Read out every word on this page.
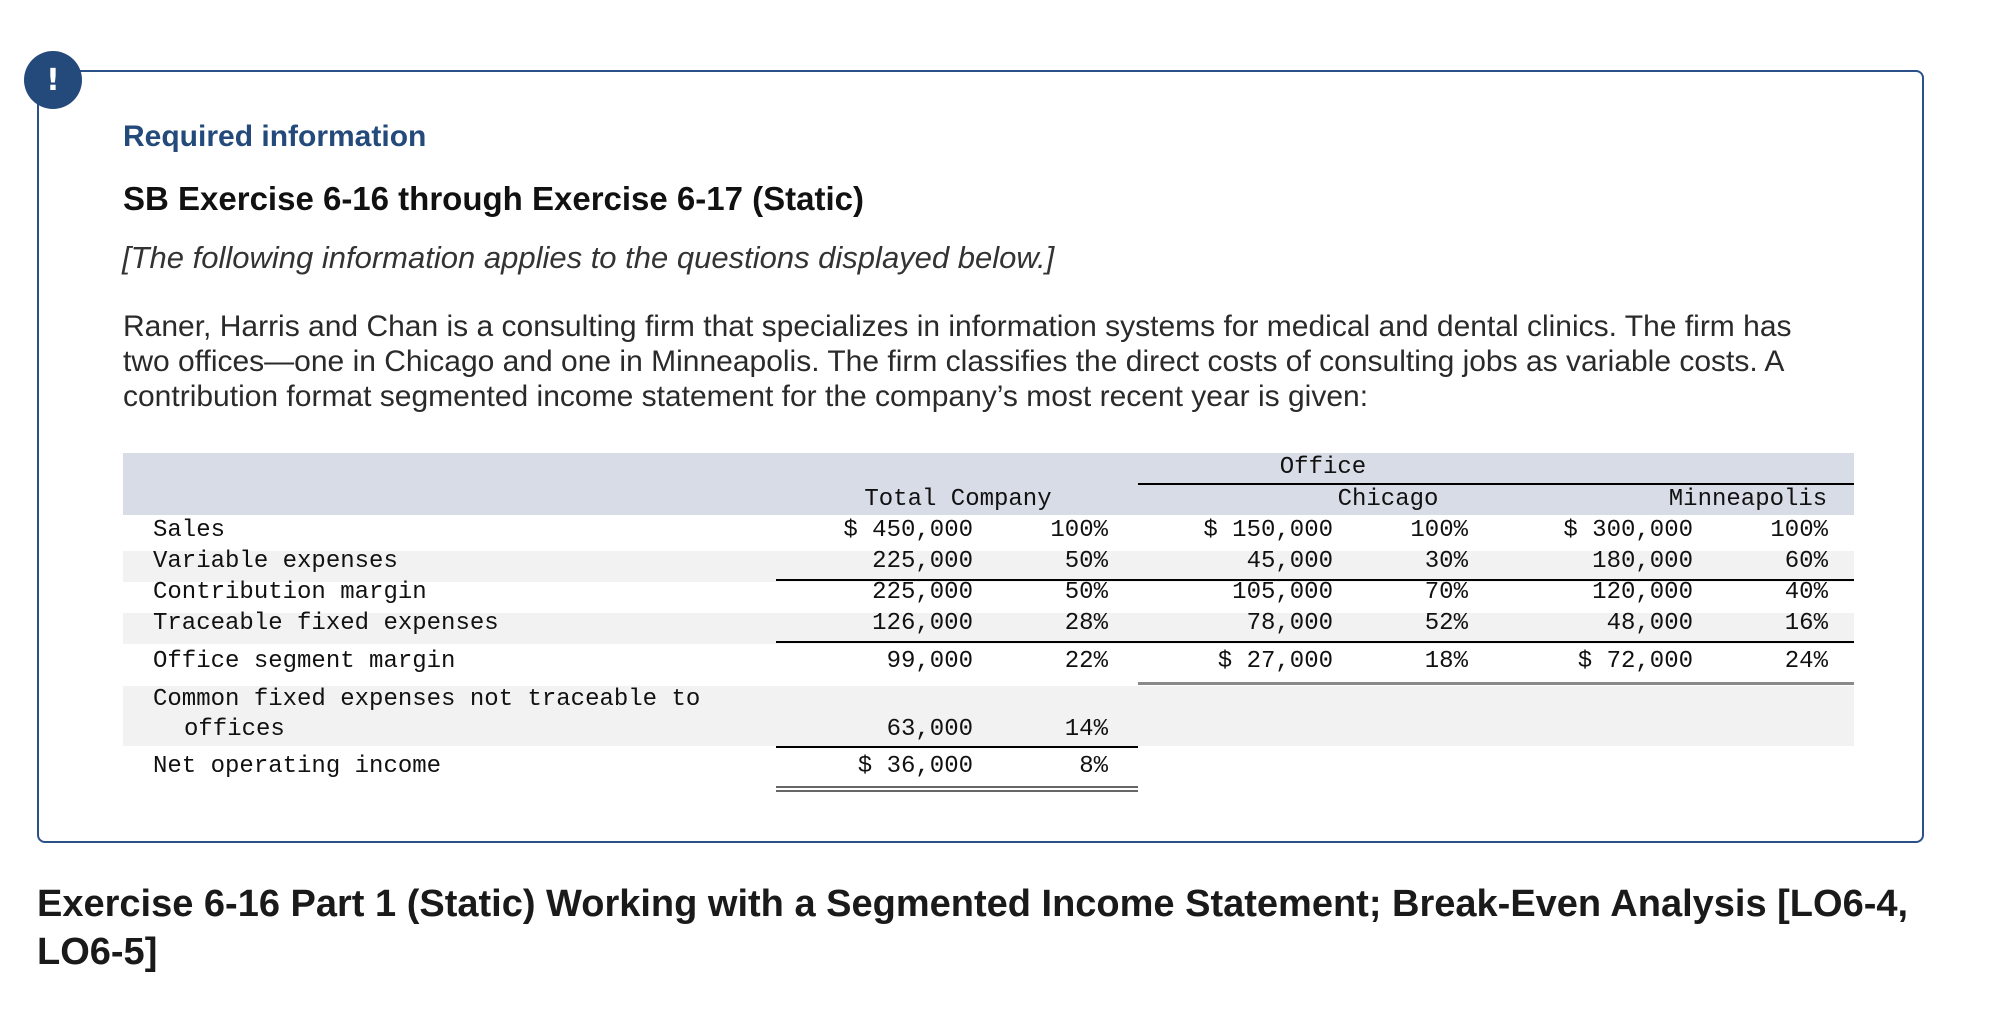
!
Required information
SB Exercise 6-16 through Exercise 6-17 (Static)
[The following information applies to the questions displayed below.]

Raner, Harris and Chan is a consulting firm that specializes in information systems for medical and dental clinics. The firm has two offices—one in Chicago and one in Minneapolis. The firm classifies the direct costs of consulting jobs as variable costs. A contribution format segmented income statement for the company’s most recent year is given:

Office
Total Company	Chicago	Minneapolis
Sales	$ 450,000	100%	$ 150,000	100%	$ 300,000	100%
Variable expenses	225,000	50%	45,000	30%	180,000	60%
Contribution margin	225,000	50%	105,000	70%	120,000	40%
Traceable fixed expenses	126,000	28%	78,000	52%	48,000	16%
Office segment margin	99,000	22%	$ 27,000	18%	$ 72,000	24%
Common fixed expenses not traceable to
offices	63,000	14%
Net operating income	$ 36,000	8%

Exercise 6-16 Part 1 (Static) Working with a Segmented Income Statement; Break-Even Analysis [LO6-4, LO6-5]
